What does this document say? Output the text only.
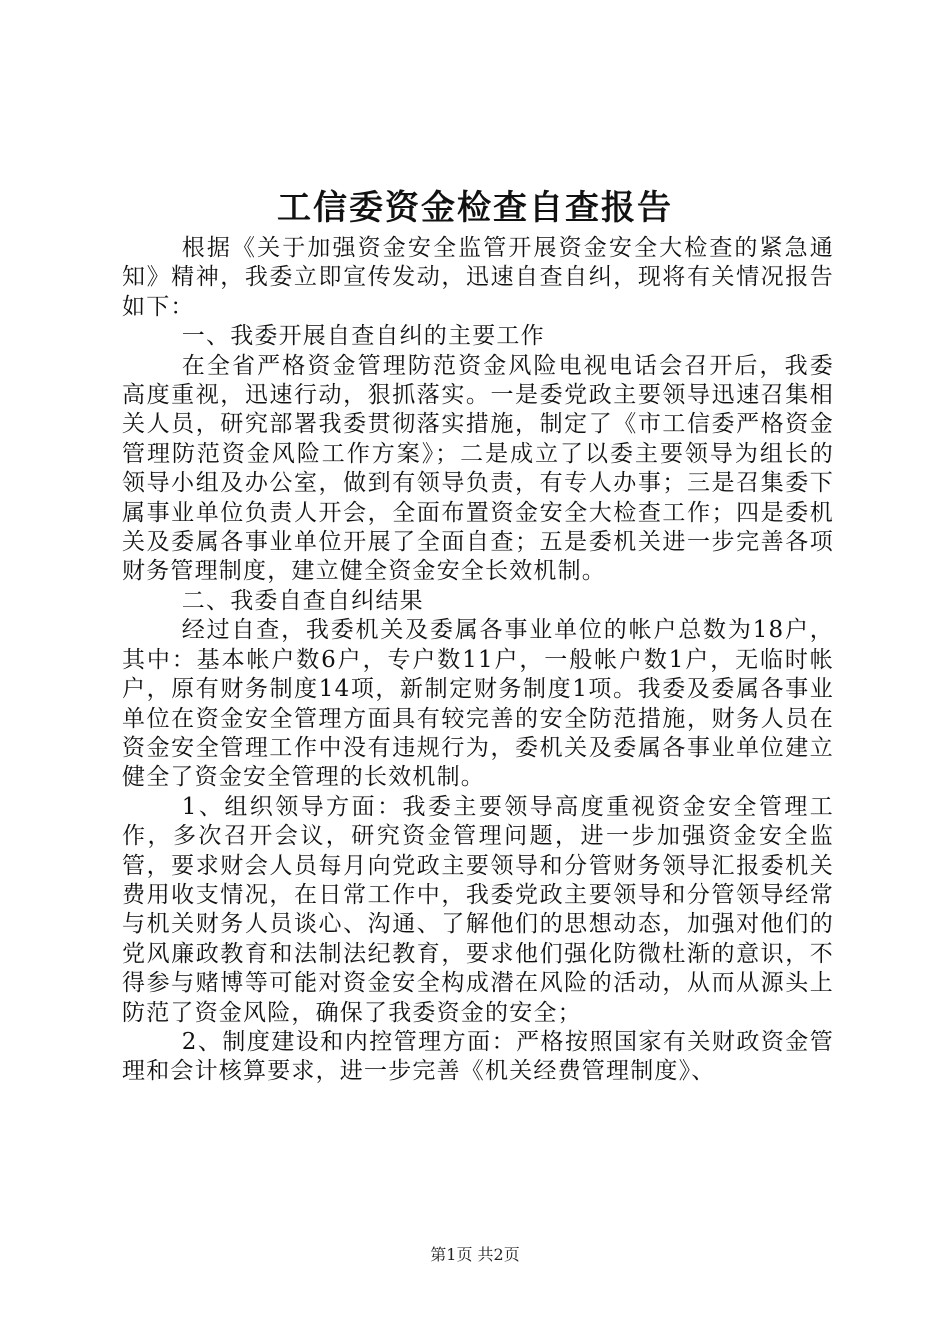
工信委资金检查自查报告

根据《关于加强资金安全监管开展资金安全大检查的紧急通知》精神，我委立即宣传发动，迅速自查自纠，现将有关情况报告如下：

一、我委开展自查自纠的主要工作

在全省严格资金管理防范资金风险电视电话会召开后，我委高度重视，迅速行动，狠抓落实。一是委党政主要领导迅速召集相关人员，研究部署我委贯彻落实措施，制定了《市工信委严格资金管理防范资金风险工作方案》；二是成立了以委主要领导为组长的领导小组及办公室，做到有领导负责，有专人办事；三是召集委下属事业单位负责人开会，全面布置资金安全大检查工作；四是委机关及委属各事业单位开展了全面自查；五是委机关进一步完善各项财务管理制度，建立健全资金安全长效机制。

二、我委自查自纠结果

经过自查，我委机关及委属各事业单位的帐户总数为18户，其中：基本帐户数6户，专户数11户，一般帐户数1户，无临时帐户，原有财务制度14项，新制定财务制度1项。我委及委属各事业单位在资金安全管理方面具有较完善的安全防范措施，财务人员在资金安全管理工作中没有违规行为，委机关及委属各事业单位建立健全了资金安全管理的长效机制。

1、组织领导方面：我委主要领导高度重视资金安全管理工作，多次召开会议，研究资金管理问题，进一步加强资金安全监管，要求财会人员每月向党政主要领导和分管财务领导汇报委机关费用收支情况，在日常工作中，我委党政主要领导和分管领导经常与机关财务人员谈心、沟通、了解他们的思想动态，加强对他们的党风廉政教育和法制法纪教育，要求他们强化防微杜渐的意识，不得参与赌博等可能对资金安全构成潜在风险的活动，从而从源头上防范了资金风险，确保了我委资金的安全；

2、制度建设和内控管理方面：严格按照国家有关财政资金管理和会计核算要求，进一步完善《机关经费管理制度》、

第1页 共2页
